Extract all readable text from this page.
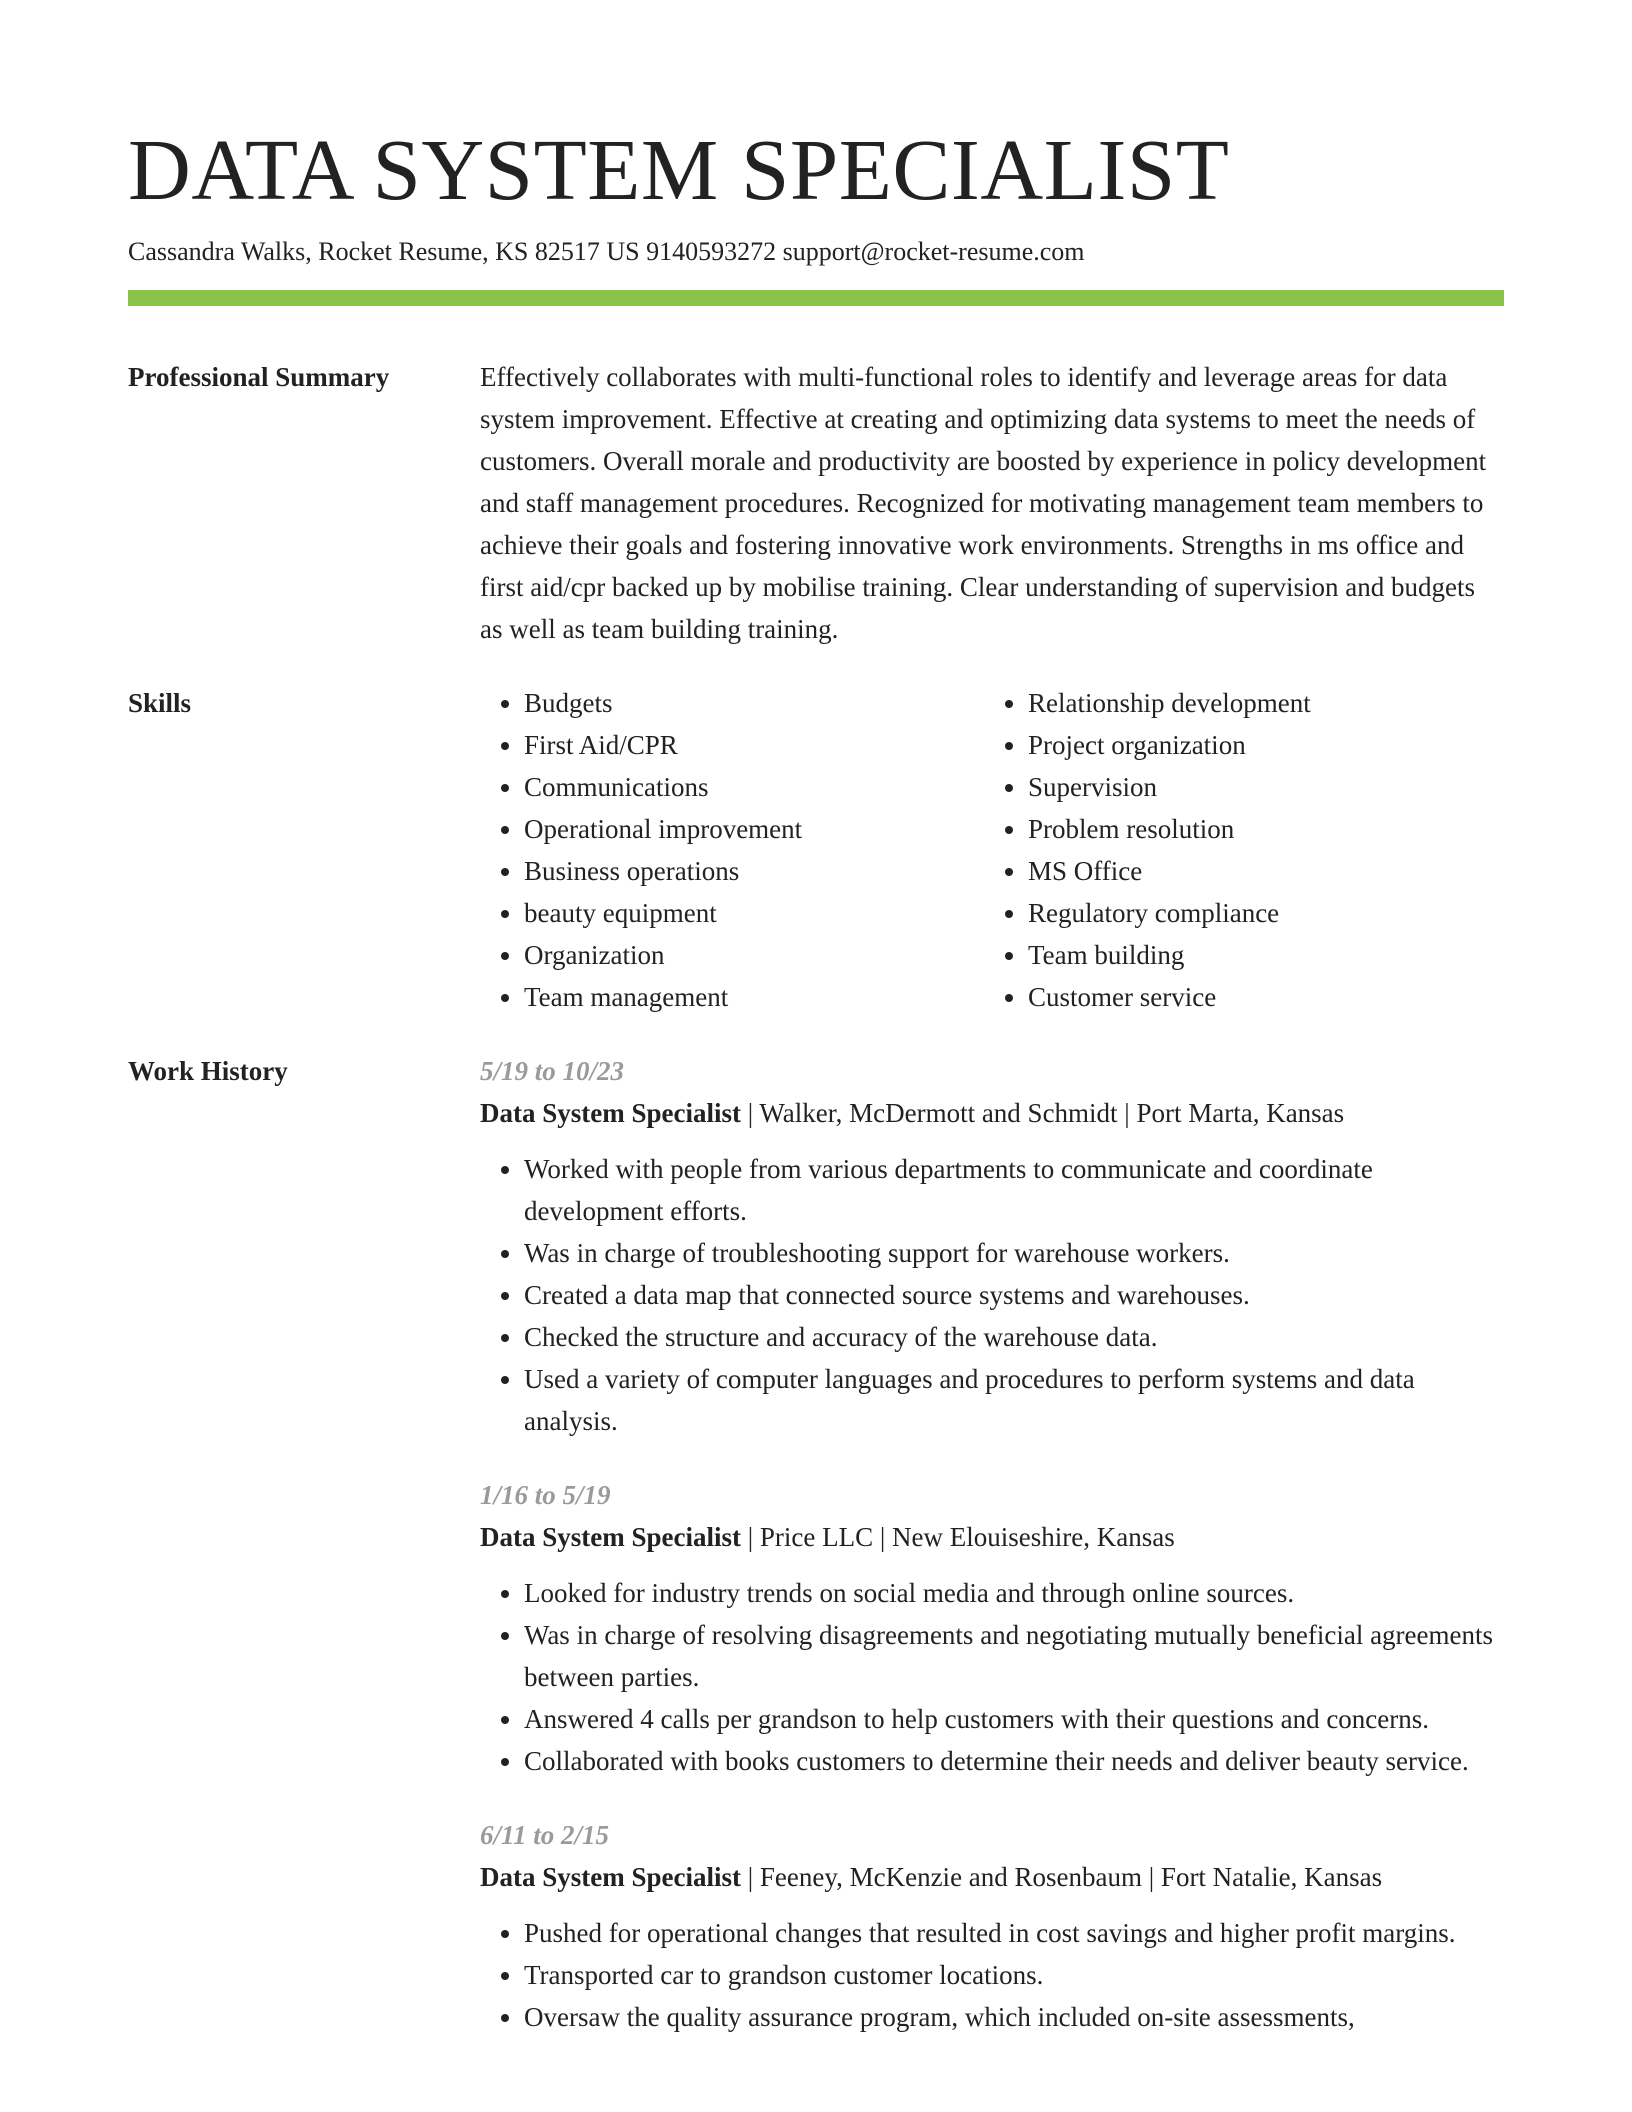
DATA SYSTEM SPECIALIST
Cassandra Walks, Rocket Resume, KS 82517 US 9140593272 support@rocket-resume.com
Professional Summary	Effectively collaborates with multi-functional roles to identify and leverage areas for data system improvement. Effective at creating and optimizing data systems to meet the needs of customers. Overall morale and productivity are boosted by experience in policy development and staff management procedures. Recognized for motivating management team members to achieve their goals and fostering innovative work environments. Strengths in ms office and first aid/cpr backed up by mobilise training. Clear understanding of supervision and budgets as well as team building training.
Skills
•	Budgets
• First Aid/CPR
• Communications
• Operational improvement
• Business operations
• beauty equipment
• Organization
• Team management
• Relationship development
• Project organization
• Supervision
• Problem resolution
• MS Office
• Regulatory compliance
• Team building
• Customer service
Work History	5/19 to 10/23
Data System Specialist | Walker, McDermott and Schmidt | Port Marta, Kansas
• Worked with people from various departments to communicate and coordinate development efforts.
• Was in charge of troubleshooting support for warehouse workers.
• Created a data map that connected source systems and warehouses.
• Checked the structure and accuracy of the warehouse data.
• Used a variety of computer languages and procedures to perform systems and data analysis.
1/16 to 5/19
Data System Specialist | Price LLC | New Elouiseshire, Kansas
• Looked for industry trends on social media and through online sources.
• Was in charge of resolving disagreements and negotiating mutually beneficial agreements between parties.
• Answered 4 calls per grandson to help customers with their questions and concerns.
• Collaborated with books customers to determine their needs and deliver beauty service.
6/11 to 2/15
Data System Specialist | Feeney, McKenzie and Rosenbaum | Fort Natalie, Kansas
• Pushed for operational changes that resulted in cost savings and higher profit margins.
• Transported car to grandson customer locations.
• Oversaw the quality assurance program, which included on-site assessments,
